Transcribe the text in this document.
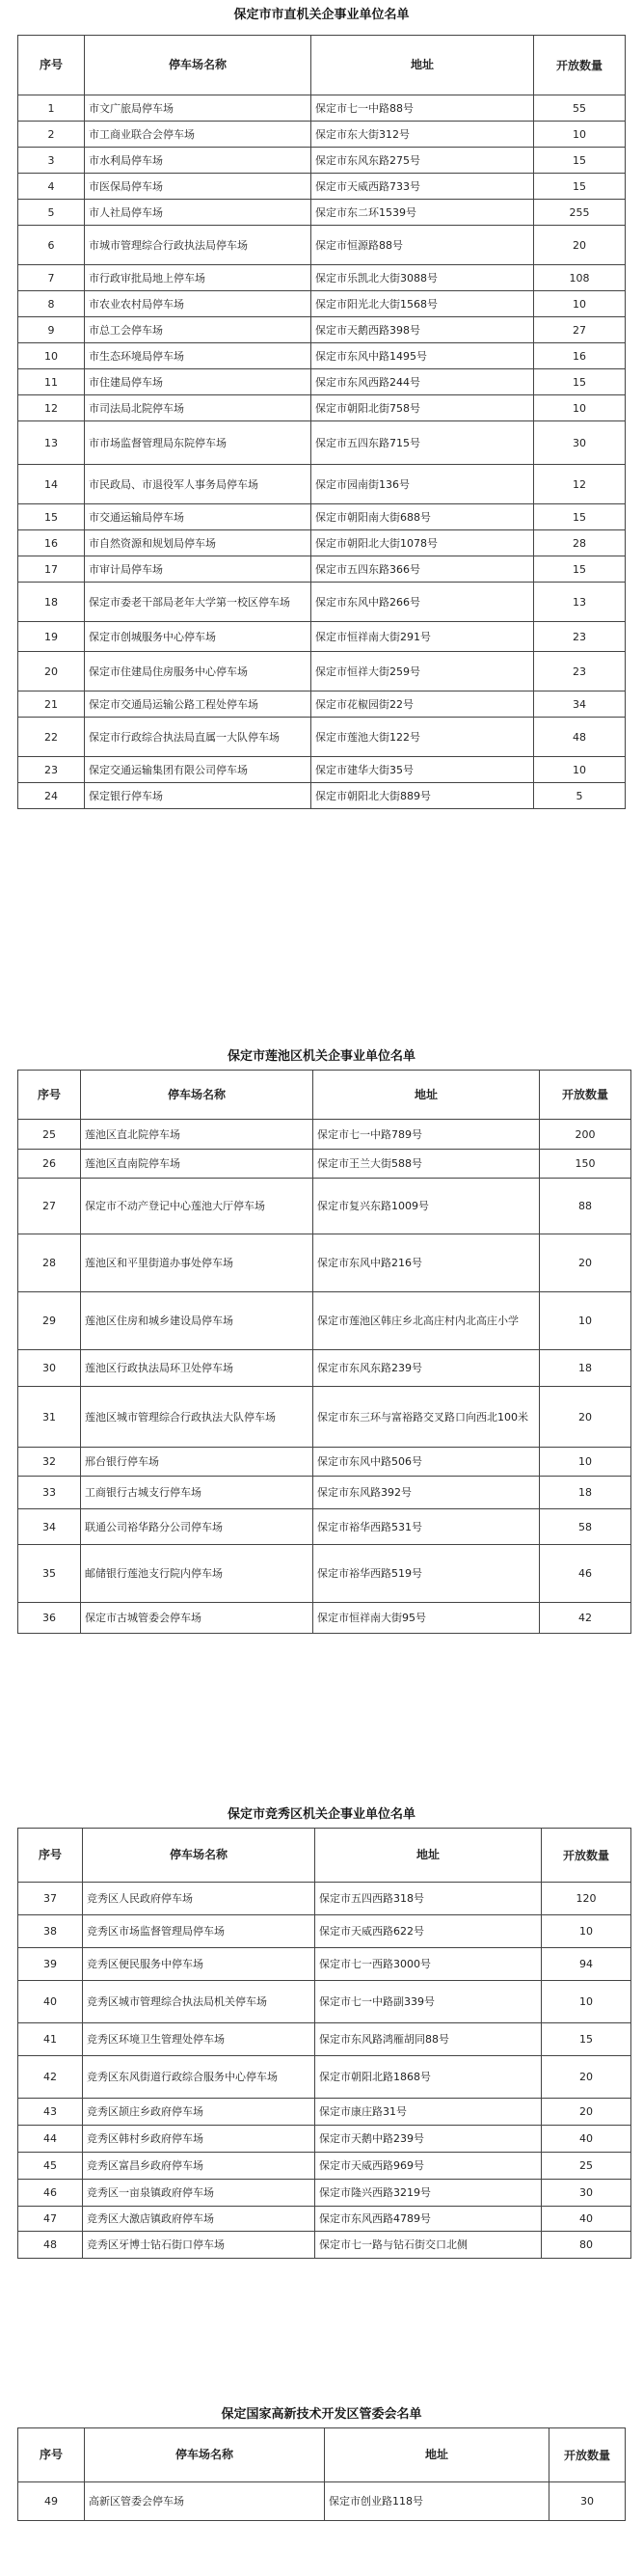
保定市市直机关企事业单位名单
序号	停车场名称	地址	开放数量
1	市文广旅局停车场	保定市七一中路88号	55
2	市工商业联合会停车场	保定市东大街312号	10
3	市水利局停车场	保定市东风东路275号	15
4	市医保局停车场	保定市天威西路733号	15
5	市人社局停车场	保定市东二环1539号	255
6	市城市管理综合行政执法局停车场	保定市恒源路88号	20
7	市行政审批局地上停车场	保定市乐凯北大街3088号	108
8	市农业农村局停车场	保定市阳光北大街1568号	10
9	市总工会停车场	保定市天鹅西路398号	27
10	市生态环境局停车场	保定市东风中路1495号	16
11	市住建局停车场	保定市东风西路244号	15
12	市司法局北院停车场	保定市朝阳北街758号	10
13	市市场监督管理局东院停车场	保定市五四东路715号	30
14	市民政局、市退役军人事务局停车场	保定市园南街136号	12
15	市交通运输局停车场	保定市朝阳南大街688号	15
16	市自然资源和规划局停车场	保定市朝阳北大街1078号	28
17	市审计局停车场	保定市五四东路366号	15
18	保定市委老干部局老年大学第一校区停车场	保定市东风中路266号	13
19	保定市创城服务中心停车场	保定市恒祥南大街291号	23
20	保定市住建局住房服务中心停车场	保定市恒祥大街259号	23
21	保定市交通局运输公路工程处停车场	保定市花椒园街22号	34
22	保定市行政综合执法局直属一大队停车场	保定市莲池大街122号	48
23	保定交通运输集团有限公司停车场	保定市建华大街35号	10
24	保定银行停车场	保定市朝阳北大街889号	5
保定市莲池区机关企事业单位名单
序号	停车场名称	地址	开放数量
25	莲池区直北院停车场	保定市七一中路789号	200
26	莲池区直南院停车场	保定市王兰大街588号	150
27	保定市不动产登记中心莲池大厅停车场	保定市复兴东路1009号	88
28	莲池区和平里街道办事处停车场	保定市东风中路216号	20
29	莲池区住房和城乡建设局停车场	保定市莲池区韩庄乡北高庄村内北高庄小学	10
30	莲池区行政执法局环卫处停车场	保定市东风东路239号	18
31	莲池区城市管理综合行政执法大队停车场	保定市东三环与富裕路交叉路口向西北100米	20
32	邢台银行停车场	保定市东风中路506号	10
33	工商银行古城支行停车场	保定市东风路392号	18
34	联通公司裕华路分公司停车场	保定市裕华西路531号	58
35	邮储银行莲池支行院内停车场	保定市裕华西路519号	46
36	保定市古城管委会停车场	保定市恒祥南大街95号	42
保定市竞秀区机关企事业单位名单
序号	停车场名称	地址	开放数量
37	竞秀区人民政府停车场	保定市五四西路318号	120
38	竞秀区市场监督管理局停车场	保定市天威西路622号	10
39	竞秀区便民服务中停车场	保定市七一西路3000号	94
40	竞秀区城市管理综合执法局机关停车场	保定市七一中路副339号	10
41	竞秀区环境卫生管理处停车场	保定市东风路鸿雁胡同88号	15
42	竞秀区东风街道行政综合服务中心停车场	保定市朝阳北路1868号	20
43	竞秀区颉庄乡政府停车场	保定市康庄路31号	20
44	竞秀区韩村乡政府停车场	保定市天鹅中路239号	40
45	竞秀区富昌乡政府停车场	保定市天威西路969号	25
46	竞秀区一亩泉镇政府停车场	保定市隆兴西路3219号	30
47	竞秀区大激店镇政府停车场	保定市东风西路4789号	40
48	竞秀区牙博士钻石街口停车场	保定市七一路与钻石街交口北侧	80
保定国家高新技术开发区管委会名单
序号	停车场名称	地址	开放数量
49	高新区管委会停车场	保定市创业路118号	30
